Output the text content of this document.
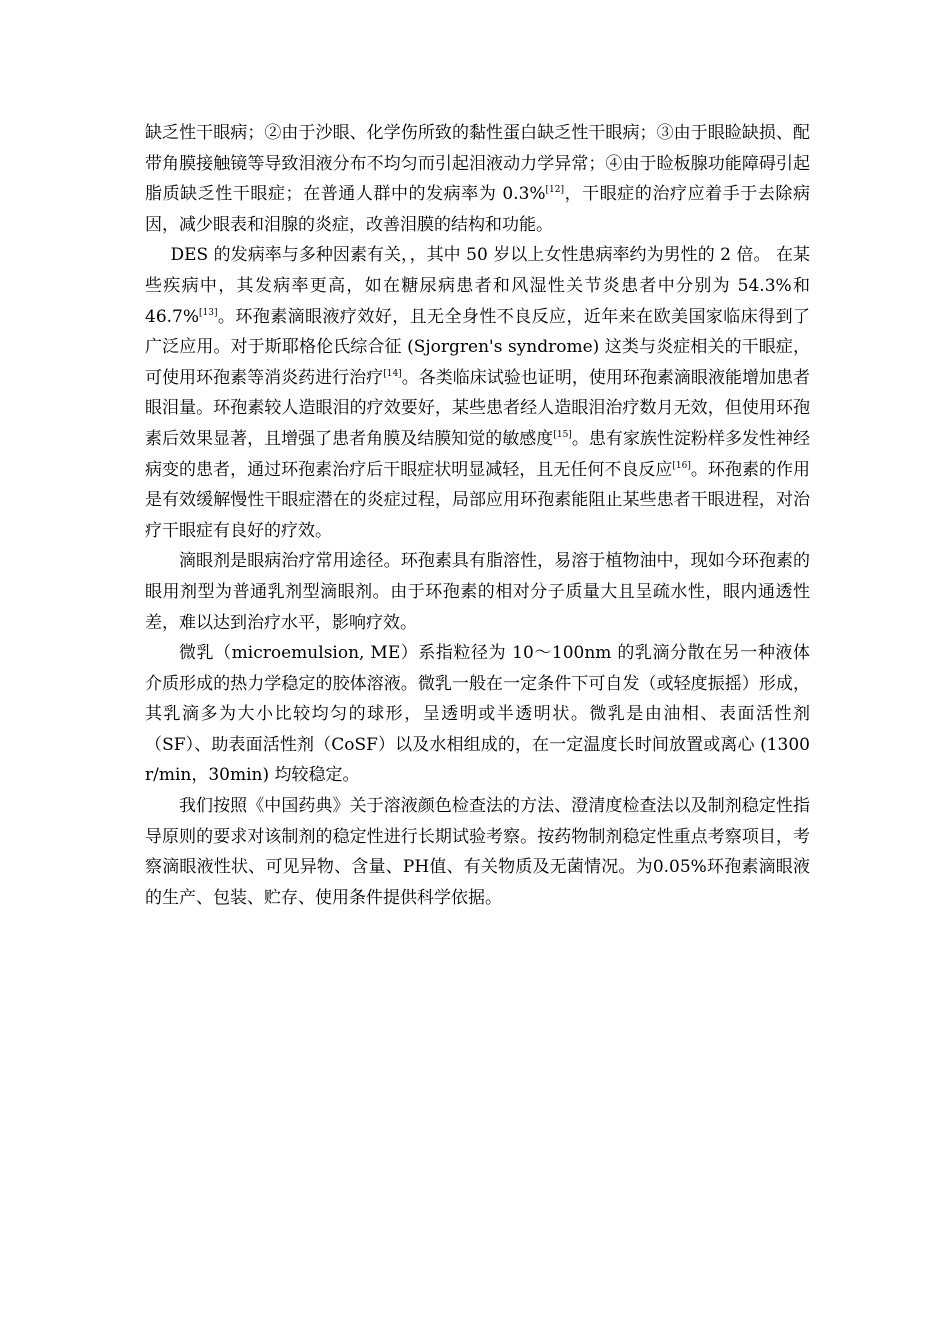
缺乏性干眼病；②由于沙眼、化学伤所致的黏性蛋白缺乏性干眼病；③由于眼睑缺损、配带角膜接触镜等导致泪液分布不均匀而引起泪液动力学异常；④由于睑板腺功能障碍引起脂质缺乏性干眼症；在普通人群中的发病率为 0.3%[12]，干眼症的治疗应着手于去除病因，减少眼表和泪腺的炎症，改善泪膜的结构和功能。

DES 的发病率与多种因素有关，，其中 50 岁以上女性患病率约为男性的 2 倍。 在某些疾病中，其发病率更高，如在糖尿病患者和风湿性关节炎患者中分别为 54.3%和 46.7%[13]。环孢素滴眼液疗效好，且无全身性不良反应，近年来在欧美国家临床得到了广泛应用。对于斯耶格伦氏综合征 (Sjorgren's syndrome) 这类与炎症相关的干眼症，可使用环孢素等消炎药进行治疗[14]。各类临床试验也证明，使用环孢素滴眼液能增加患者眼泪量。环孢素较人造眼泪的疗效要好，某些患者经人造眼泪治疗数月无效，但使用环孢素后效果显著，且增强了患者角膜及结膜知觉的敏感度[15]。患有家族性淀粉样多发性神经病变的患者，通过环孢素治疗后干眼症状明显减轻，且无任何不良反应[16]。环孢素的作用是有效缓解慢性干眼症潜在的炎症过程，局部应用环孢素能阻止某些患者干眼进程，对治疗干眼症有良好的疗效。

滴眼剂是眼病治疗常用途径。环孢素具有脂溶性，易溶于植物油中，现如今环孢素的眼用剂型为普通乳剂型滴眼剂。由于环孢素的相对分子质量大且呈疏水性，眼内通透性差，难以达到治疗水平，影响疗效。

微乳（microemulsion, ME）系指粒径为 10～100nm 的乳滴分散在另一种液体介质形成的热力学稳定的胶体溶液。微乳一般在一定条件下可自发（或轻度振摇）形成，其乳滴多为大小比较均匀的球形，呈透明或半透明状。微乳是由油相、表面活性剂（SF）、助表面活性剂（CoSF）以及水相组成的，在一定温度长时间放置或离心 (1300 r/min，30min) 均较稳定。

我们按照《中国药典》关于溶液颜色检查法的方法、澄清度检查法以及制剂稳定性指导原则的要求对该制剂的稳定性进行长期试验考察。按药物制剂稳定性重点考察项目，考察滴眼液性状、可见异物、含量、PH值、有关物质及无菌情况。为0.05%环孢素滴眼液的生产、包装、贮存、使用条件提供科学依据。
